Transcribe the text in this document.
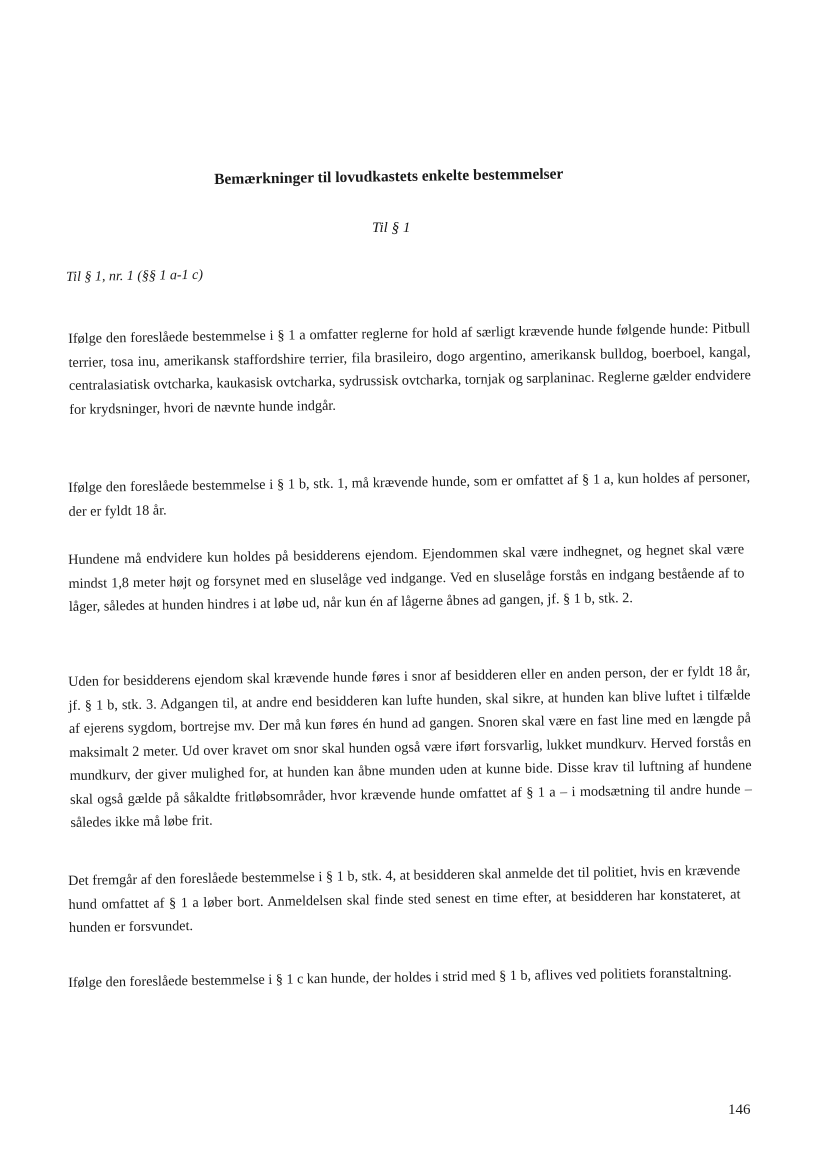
Bemærkninger til lovudkastets enkelte bestemmelser
Til § 1
Til § 1, nr. 1 (§§ 1 a-1 c)

Ifølge den foreslåede bestemmelse i § 1 a omfatter reglerne for hold af særligt krævende hunde følgende hunde: Pitbull terrier, tosa inu, amerikansk staffordshire terrier, fila brasileiro, dogo argentino, amerikansk bulldog, boerboel, kangal, centralasiatisk ovtcharka, kaukasisk ovtcharka, sydrussisk ovtcharka, tornjak og sarplaninac. Reglerne gælder endvidere for krydsninger, hvori de nævnte hunde indgår.

Ifølge den foreslåede bestemmelse i § 1 b, stk. 1, må krævende hunde, som er omfattet af § 1 a, kun holdes af personer, der er fyldt 18 år.

Hundene må endvidere kun holdes på besidderens ejendom. Ejendommen skal være indhegnet, og hegnet skal være mindst 1,8 meter højt og forsynet med en sluselåge ved indgange. Ved en sluselåge forstås en indgang bestående af to låger, således at hunden hindres i at løbe ud, når kun én af lågerne åbnes ad gangen, jf. § 1 b, stk. 2.

Uden for besidderens ejendom skal krævende hunde føres i snor af besidderen eller en anden person, der er fyldt 18 år, jf. § 1 b, stk. 3. Adgangen til, at andre end besidderen kan lufte hunden, skal sikre, at hunden kan blive luftet i tilfælde af ejerens sygdom, bortrejse mv. Der må kun føres én hund ad gangen. Snoren skal være en fast line med en længde på maksimalt 2 meter. Ud over kravet om snor skal hunden også være iført forsvarlig, lukket mundkurv. Herved forstås en mundkurv, der giver mulighed for, at hunden kan åbne munden uden at kunne bide. Disse krav til luftning af hundene skal også gælde på såkaldte fritløbsområder, hvor krævende hunde omfattet af § 1 a – i modsætning til andre hunde – således ikke må løbe frit.

Det fremgår af den foreslåede bestemmelse i § 1 b, stk. 4, at besidderen skal anmelde det til politiet, hvis en krævende hund omfattet af § 1 a løber bort. Anmeldelsen skal finde sted senest en time efter, at besidderen har konstateret, at hunden er forsvundet.

Ifølge den foreslåede bestemmelse i § 1 c kan hunde, der holdes i strid med § 1 b, aflives ved politiets foranstaltning.

146
